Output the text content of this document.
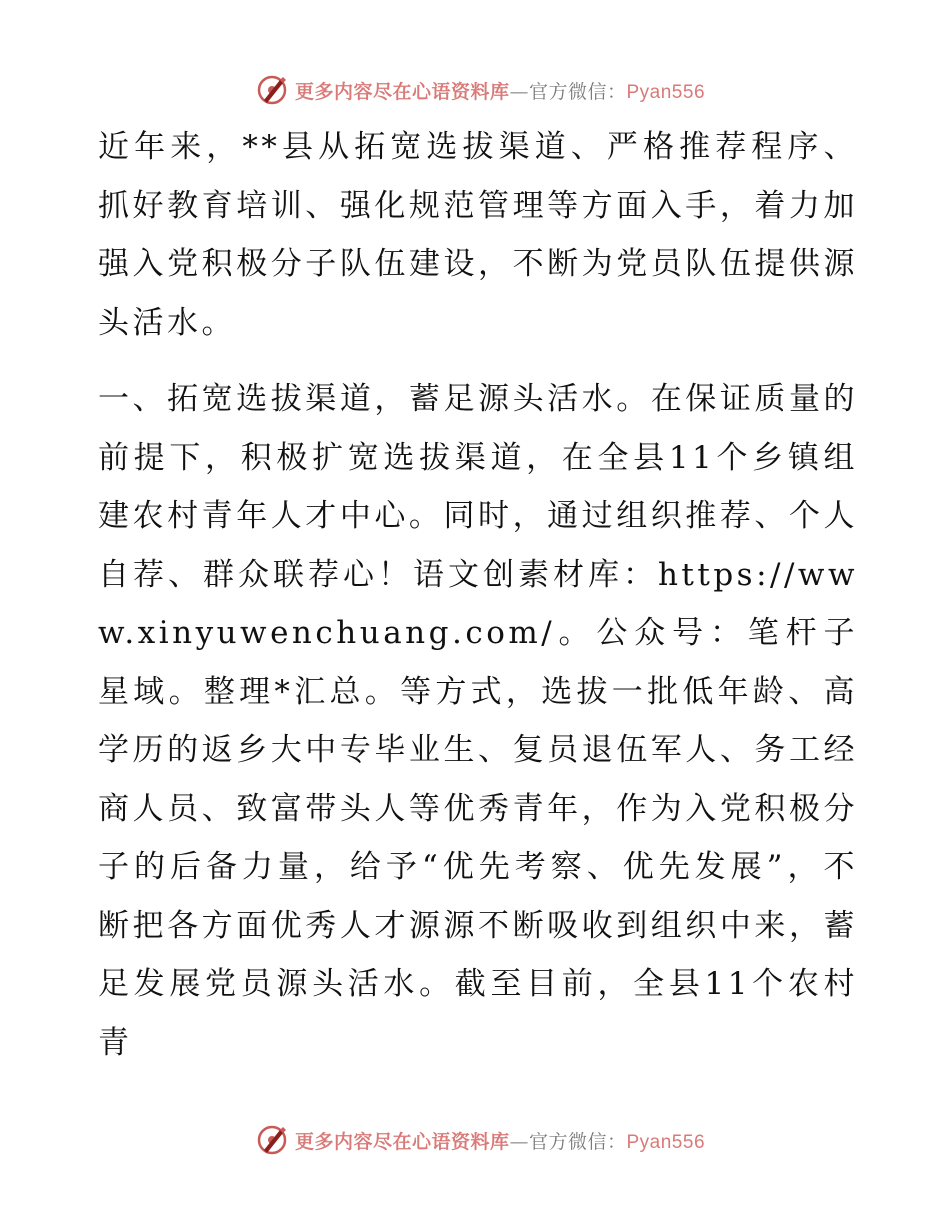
更多内容尽在心语资料库—官方微信：Pyan556

近年来，**县从拓宽选拔渠道、严格推荐程序、抓好教育培训、强化规范管理等方面入手，着力加强入党积极分子队伍建设，不断为党员队伍提供源头活水。

一、拓宽选拔渠道，蓄足源头活水。在保证质量的前提下，积极扩宽选拔渠道，在全县11个乡镇组建农村青年人才中心。同时，通过组织推荐、个人自荐、群众联荐心！语文创素材库：https://www.xinyuwenchuang.com/。公众号：笔杆子星域。整理*汇总。等方式，选拔一批低年龄、高学历的返乡大中专毕业生、复员退伍军人、务工经商人员、致富带头人等优秀青年，作为入党积极分子的后备力量，给予“优先考察、优先发展”，不断把各方面优秀人才源源不断吸收到组织中来，蓄足发展党员源头活水。截至目前，全县11个农村青

更多内容尽在心语资料库—官方微信：Pyan556
